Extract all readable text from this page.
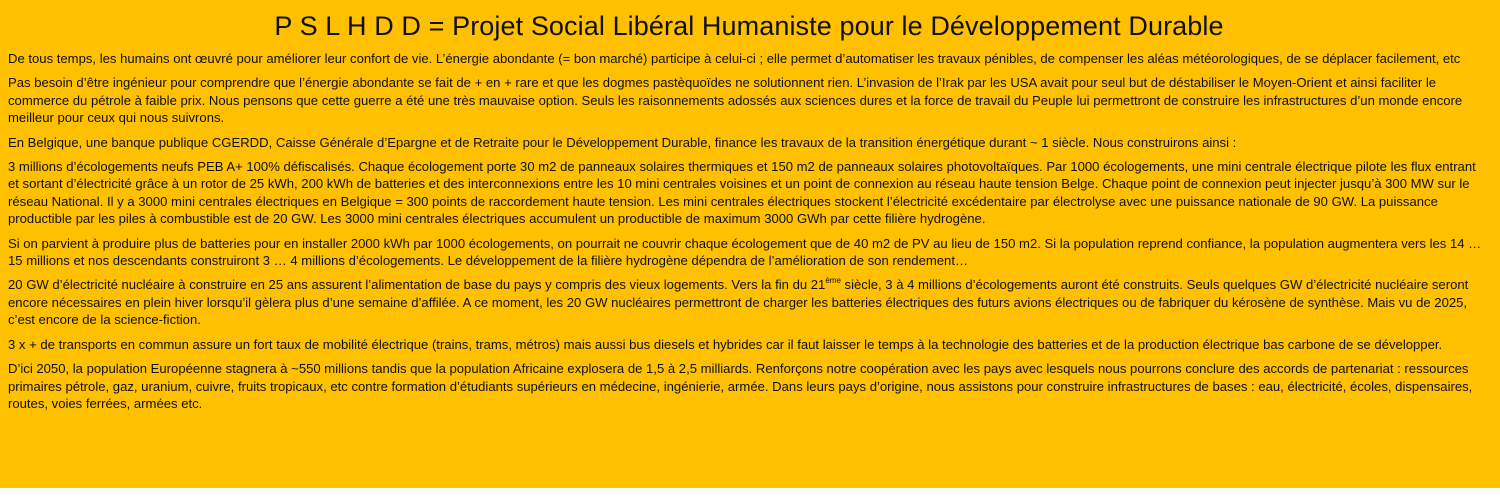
P S L H D D = Projet Social Libéral Humaniste pour le Développement Durable

De tous temps, les humains ont œuvré pour améliorer leur confort de vie. L’énergie abondante (= bon marché) participe à celui-ci ; elle permet d’automatiser les travaux pénibles, de compenser les aléas météorologiques, de se déplacer facilement, etc

Pas besoin d’être ingénieur pour comprendre que l’énergie abondante se fait de + en + rare et que les dogmes pastèquoïdes ne solutionnent rien. L’invasion de l’Irak par les USA avait pour seul but de déstabiliser le Moyen-Orient et ainsi faciliter le commerce du pétrole à faible prix. Nous pensons que cette guerre a été une très mauvaise option. Seuls les raisonnements adossés aux sciences dures et la force de travail du Peuple lui permettront de construire les infrastructures d’un monde encore meilleur pour ceux qui nous suivrons.

En Belgique, une banque publique CGERDD, Caisse Générale d’Epargne et de Retraite pour le Développement Durable, finance les travaux de la transition énergétique durant ~ 1 siècle. Nous construirons ainsi :

3 millions d’écologements neufs PEB A+ 100% défiscalisés. Chaque écologement porte 30 m2 de panneaux solaires thermiques et 150 m2 de panneaux solaires photovoltaïques. Par 1000 écologements, une mini centrale électrique pilote les flux entrant et sortant d’électricité grâce à un rotor de 25 kWh, 200 kWh de batteries et des interconnexions entre les 10 mini centrales voisines et un point de connexion au réseau haute tension Belge. Chaque point de connexion peut injecter jusqu’à 300 MW sur le réseau National. Il y a 3000 mini centrales électriques en Belgique = 300 points de raccordement haute tension. Les mini centrales électriques stockent l’électricité excédentaire par électrolyse avec une puissance nationale de 90 GW. La puissance productible par les piles à combustible est de 20 GW. Les 3000 mini centrales électriques accumulent un productible de maximum 3000 GWh par cette filière hydrogène.

Si on parvient à produire plus de batteries pour en installer 2000 kWh par 1000 écologements, on pourrait ne couvrir chaque écologement que de 40 m2 de PV au lieu de 150 m2. Si la population reprend confiance, la population augmentera vers les 14 … 15 millions et nos descendants construiront 3 … 4 millions d’écologements. Le développement de la filière hydrogène dépendra de l’amélioration de son rendement…

20 GW d’électricité nucléaire à construire en 25 ans assurent l’alimentation de base du pays y compris des vieux logements. Vers la fin du 21ème siècle, 3 à 4 millions d’écologements auront été construits. Seuls quelques GW d’électricité nucléaire seront encore nécessaires en plein hiver lorsqu’il gèlera plus d’une semaine d’affilée. A ce moment, les 20 GW nucléaires permettront de charger les batteries électriques des futurs avions électriques ou de fabriquer du kérosène de synthèse. Mais vu de 2025, c’est encore de la science-fiction.

3 x + de transports en commun assure un fort taux de mobilité électrique (trains, trams, métros) mais aussi bus diesels et hybrides car il faut laisser le temps à la technologie des batteries et de la production électrique bas carbone de se développer.

D’ici 2050, la population Européenne stagnera à ~550 millions tandis que la population Africaine explosera de 1,5 à 2,5 milliards. Renforçons notre coopération avec les pays avec lesquels nous pourrons conclure des accords de partenariat : ressources primaires pétrole, gaz, uranium, cuivre, fruits tropicaux, etc contre formation d’étudiants supérieurs en médecine, ingénierie, armée. Dans leurs pays d’origine, nous assistons pour construire infrastructures de bases : eau, électricité, écoles, dispensaires, routes, voies ferrées, armées etc.
